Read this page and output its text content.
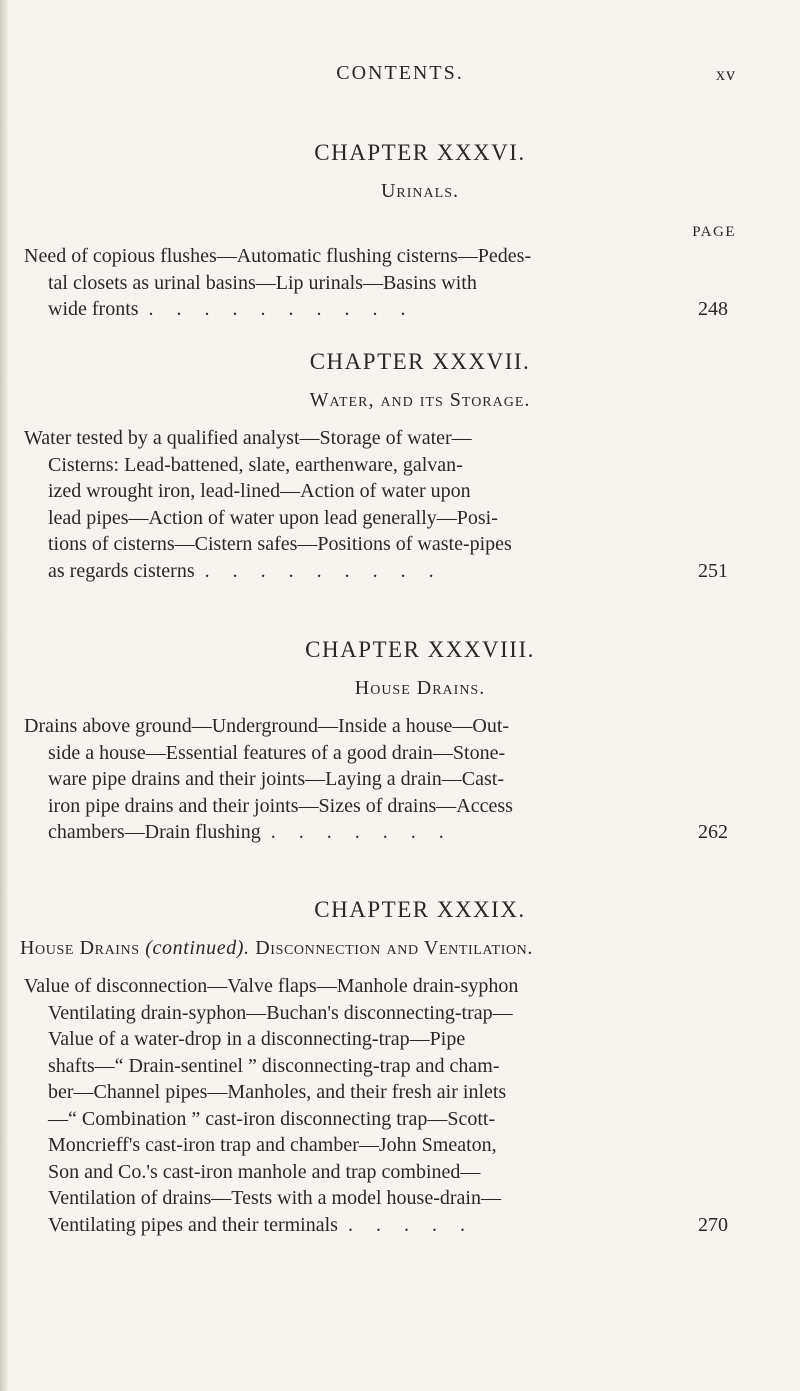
CONTENTS.	xv
CHAPTER XXXVI.
Urinals.
PAGE
Need of copious flushes—Automatic flushing cisterns—Pedes-
tal closets as urinal basins—Lip urinals—Basins with
wide fronts . . . . . . . . . .	248
CHAPTER XXXVII.
Water, and its Storage.
Water tested by a qualified analyst—Storage of water—
Cisterns: Lead-battened, slate, earthenware, galvan-
ized wrought iron, lead-lined—Action of water upon
lead pipes—Action of water upon lead generally—Posi-
tions of cisterns—Cistern safes—Positions of waste-pipes
as regards cisterns . . . . . . . . .	251
CHAPTER XXXVIII.
House Drains.
Drains above ground—Underground—Inside a house—Out-
side a house—Essential features of a good drain—Stone-
ware pipe drains and their joints—Laying a drain—Cast-
iron pipe drains and their joints—Sizes of drains—Access
chambers—Drain flushing . . . . . . .	262
CHAPTER XXXIX.
House Drains (continued). Disconnection and Ventilation.
Value of disconnection—Valve flaps—Manhole drain-syphon
Ventilating drain-syphon—Buchan's disconnecting-trap—
Value of a water-drop in a disconnecting-trap—Pipe
shafts—“ Drain-sentinel ” disconnecting-trap and cham-
ber—Channel pipes—Manholes, and their fresh air inlets
—“ Combination ” cast-iron disconnecting trap—Scott-
Moncrieff's cast-iron trap and chamber—John Smeaton,
Son and Co.'s cast-iron manhole and trap combined—
Ventilation of drains—Tests with a model house-drain—
Ventilating pipes and their terminals . . . . .	270
